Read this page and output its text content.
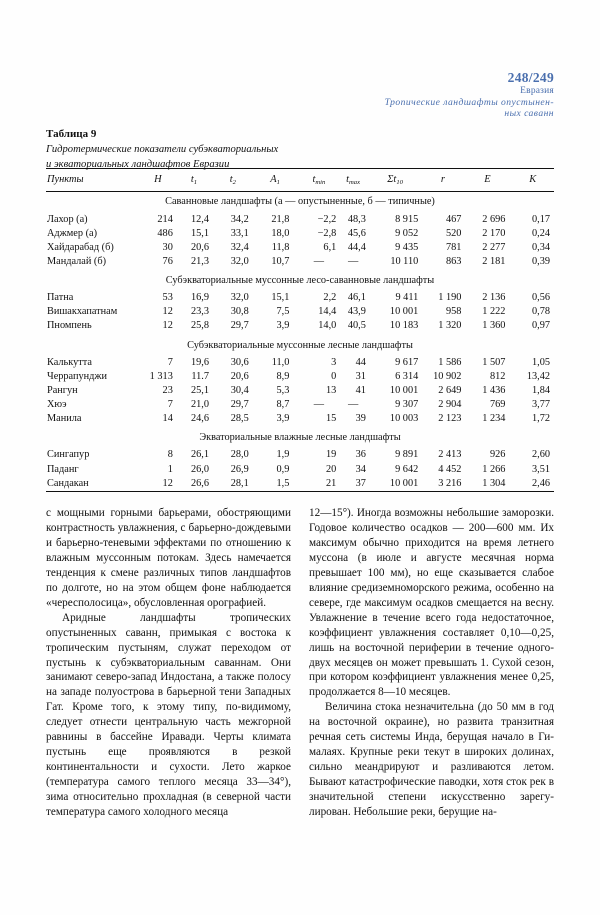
248/249
Евразия
Тропические ландшафты опустынен-
ных саванн
Таблица 9
Гидротермические показатели субэкваториальных
и экваториальных ландшафтов Евразии
Пункты	H	$t_1$	$t_2$	$A_1$	$t_{min}$	$t_{max}$	$\Sigma t_{10}$	r	E	K
Саванновые ландшафты (а — опустыненные, б — типичные)										
Лахор (а)	214	12,4	34,2	21,8	−2,2	48,3	8 915	467	2 696	0,17
Аджмер (а)	486	15,1	33,1	18,0	−2,8	45,6	9 052	520	2 170	0,24
Хайдарабад (б)	30	20,6	32,4	11,8	6,1	44,4	9 435	781	2 277	0,34
Мандалай (б)	76	21,3	32,0	10,7	—	—	10 110	863	2 181	0,39
Субэкваториальные муссонные лесо-саванновые ландшафты										
Патна	53	16,9	32,0	15,1	2,2	46,1	9 411	1 190	2 136	0,56
Вишакхапатнам	12	23,3	30,8	7,5	14,4	43,9	10 001	958	1 222	0,78
Пномпень	12	25,8	29,7	3,9	14,0	40,5	10 183	1 320	1 360	0,97
Субэкваториальные муссонные лесные ландшафты										
Калькутта	7	19,6	30,6	11,0	3	44	9 617	1 586	1 507	1,05
Черрапунджи	1 313	11.7	20,6	8,9	0	31	6 314	10 902	812	13,42
Рангун	23	25,1	30,4	5,3	13	41	10 001	2 649	1 436	1,84
Хюэ	7	21,0	29,7	8,7	—	—	9 307	2 904	769	3,77
Манила	14	24,6	28,5	3,9	15	39	10 003	2 123	1 234	1,72
Экваториальные влажные лесные ландшафты										
Сингапур	8	26,1	28,0	1,9	19	36	9 891	2 413	926	2,60
Паданг	1	26,0	26,9	0,9	20	34	9 642	4 452	1 266	3,51
Сандакан	12	26,6	28,1	1,5	21	37	10 001	3 216	1 304	2,46

с мощными горными барьерами, обостряющими контрастность увлажнения, с барьерно-дождевыми и барьерно-теневыми эффектами по отношению к влажным муссонным потокам. Здесь намечается тенденция к смене различных типов ландшафтов по долготе, но на этом общем фоне наблюдается «чересполосица», обусловленная орографией.

Аридные ландшафты тропических опустыненных саванн, примыкая с востока к тропическим пустыням, служат переходом от пустынь к субэкваториальным саваннам. Они занимают северо-запад Индостана, а также полосу на западе полуострова в барьерной тени Западных Гат. Кроме того, к этому типу, по-видимому, следует отнести центральную часть межгорной равнины в бассейне Иравади. Черты климата пустынь еще проявляются в резкой континентальности и сухости. Лето жаркое (температура самого теплого месяца 33—34°), зима относительно прохладная (в северной части температура самого холодного месяца

12—15°). Иногда возможны небольшие заморозки. Годовое количество осадков — 200—600 мм. Их максимум обычно приходится на время летнего муссона (в июле и августе месячная норма превышает 100 мм), но еще сказывается слабое влияние средиземноморского режима, особенно на севере, где максимум осадков смещается на весну. Увлажнение в течение всего года недостаточное, коэффициент увлажнения составляет 0,10—0,25, лишь на восточной периферии в течение одного-двух месяцев он может превышать 1. Сухой сезон, при котором коэффициент увлажнения менее 0,25, продолжается 8—10 месяцев.

Величина стока незначительна (до 50 мм в год на восточной окраине), но развита транзитная речная сеть системы Инда, берущая начало в Гималаях. Крупные реки текут в широких долинах, сильно меандрируют и разливаются летом. Бывают катастрофические паводки, хотя сток рек в значительной степени искусственно зарегулирован. Небольшие реки, берущие на-
